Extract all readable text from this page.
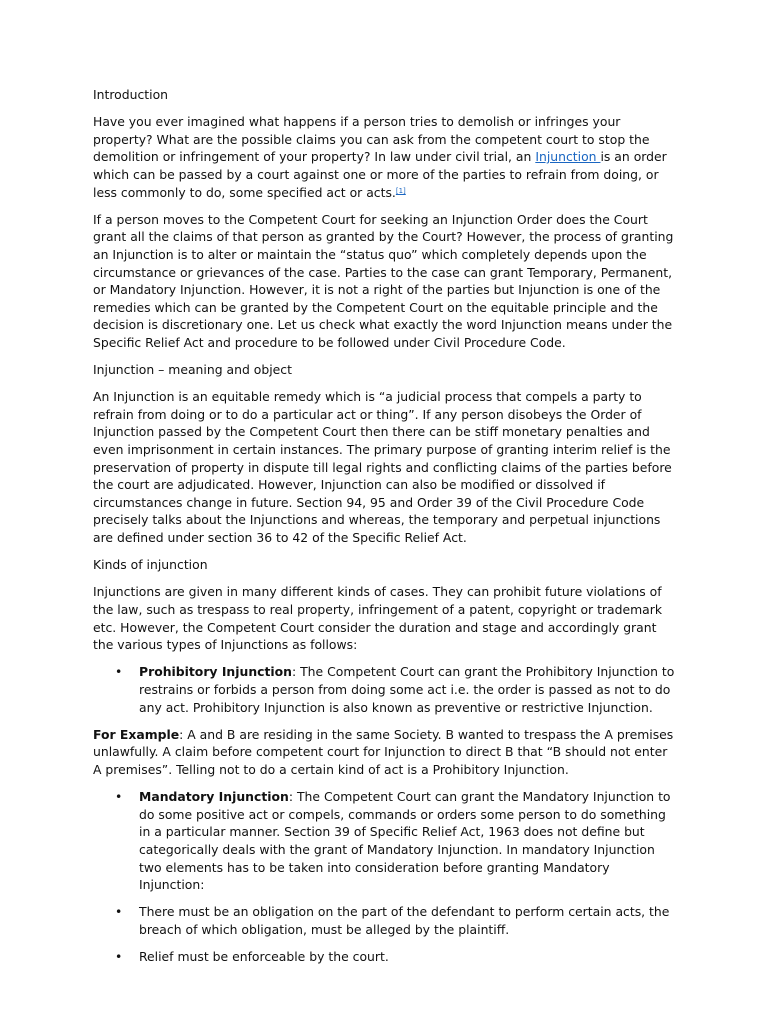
Introduction

Have you ever imagined what happens if a person tries to demolish or infringes your property? What are the possible claims you can ask from the competent court to stop the demolition or infringement of your property? In law under civil trial, an Injunction is an order which can be passed by a court against one or more of the parties to refrain from doing, or less commonly to do, some specified act or acts.[1]

If a person moves to the Competent Court for seeking an Injunction Order does the Court grant all the claims of that person as granted by the Court? However, the process of granting an Injunction is to alter or maintain the “status quo” which completely depends upon the circumstance or grievances of the case. Parties to the case can grant Temporary, Permanent, or Mandatory Injunction. However, it is not a right of the parties but Injunction is one of the remedies which can be granted by the Competent Court on the equitable principle and the decision is discretionary one. Let us check what exactly the word Injunction means under the Specific Relief Act and procedure to be followed under Civil Procedure Code.

Injunction – meaning and object

An Injunction is an equitable remedy which is “a judicial process that compels a party to refrain from doing or to do a particular act or thing”. If any person disobeys the Order of Injunction passed by the Competent Court then there can be stiff monetary penalties and even imprisonment in certain instances. The primary purpose of granting interim relief is the preservation of property in dispute till legal rights and conflicting claims of the parties before the court are adjudicated. However, Injunction can also be modified or dissolved if circumstances change in future. Section 94, 95 and Order 39 of the Civil Procedure Code precisely talks about the Injunctions and whereas, the temporary and perpetual injunctions are defined under section 36 to 42 of the Specific Relief Act.

Kinds of injunction

Injunctions are given in many different kinds of cases. They can prohibit future violations of the law, such as trespass to real property, infringement of a patent, copyright or trademark etc. However, the Competent Court consider the duration and stage and accordingly grant the various types of Injunctions as follows:

• Prohibitory Injunction: The Competent Court can grant the Prohibitory Injunction to restrains or forbids a person from doing some act i.e. the order is passed as not to do any act. Prohibitory Injunction is also known as preventive or restrictive Injunction.

For Example: A and B are residing in the same Society. B wanted to trespass the A premises unlawfully. A claim before competent court for Injunction to direct B that “B should not enter A premises”. Telling not to do a certain kind of act is a Prohibitory Injunction.

• Mandatory Injunction: The Competent Court can grant the Mandatory Injunction to do some positive act or compels, commands or orders some person to do something in a particular manner. Section 39 of Specific Relief Act, 1963 does not define but categorically deals with the grant of Mandatory Injunction. In mandatory Injunction two elements has to be taken into consideration before granting Mandatory Injunction:
• There must be an obligation on the part of the defendant to perform certain acts, the breach of which obligation, must be alleged by the plaintiff.
• Relief must be enforceable by the court.
